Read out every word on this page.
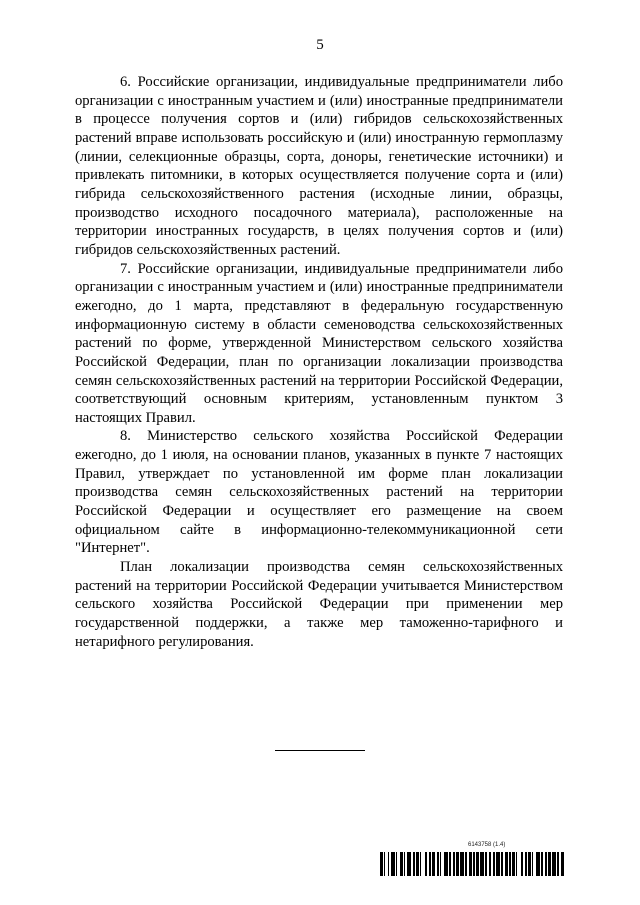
5

6. Российские организации, индивидуальные предприниматели либо организации с иностранным участием и (или) иностранные предприниматели в процессе получения сортов и (или) гибридов сельскохозяйственных растений вправе использовать российскую и (или) иностранную гермоплазму (линии, селекционные образцы, сорта, доноры, генетические источники) и привлекать питомники, в которых осуществляется получение сорта и (или) гибрида сельскохозяйственного растения (исходные линии, образцы, производство исходного посадочного материала), расположенные на территории иностранных государств, в целях получения сортов и (или) гибридов сельскохозяйственных растений.

7. Российские организации, индивидуальные предприниматели либо организации с иностранным участием и (или) иностранные предприниматели ежегодно, до 1 марта, представляют в федеральную государственную информационную систему в области семеноводства сельскохозяйственных растений по форме, утвержденной Министерством сельского хозяйства Российской Федерации, план по организации локализации производства семян сельскохозяйственных растений на территории Российской Федерации, соответствующий основным критериям, установленным пунктом 3 настоящих Правил.

8. Министерство сельского хозяйства Российской Федерации ежегодно, до 1 июля, на основании планов, указанных в пункте 7 настоящих Правил, утверждает по установленной им форме план локализации производства семян сельскохозяйственных растений на территории Российской Федерации и осуществляет его размещение на своем официальном сайте в информационно-телекоммуникационной сети "Интернет".

План локализации производства семян сельскохозяйственных растений на территории Российской Федерации учитывается Министерством сельского хозяйства Российской Федерации при применении мер государственной поддержки, а также мер таможенно-тарифного и нетарифного регулирования.

6143758 (1.4)
